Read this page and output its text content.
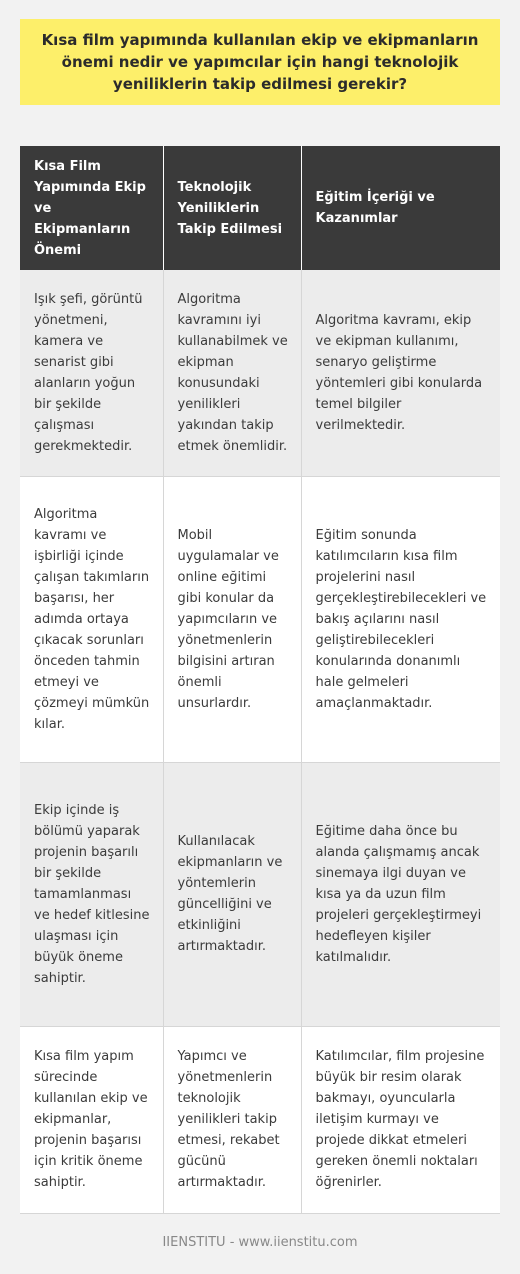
Kısa film yapımında kullanılan ekip ve ekipmanların önemi nedir ve yapımcılar için hangi teknolojik yeniliklerin takip edilmesi gerekir?
Kısa Film Yapımında Ekip ve Ekipmanların Önemi	Teknolojik Yeniliklerin Takip Edilmesi	Eğitim İçeriği ve Kazanımlar
Işık şefi, görüntü yönetmeni, kamera ve senarist gibi alanların yoğun bir şekilde çalışması gerekmektedir.	Algoritma kavramını iyi kullanabilmek ve ekipman konusundaki yenilikleri yakından takip etmek önemlidir.	Algoritma kavramı, ekip ve ekipman kullanımı, senaryo geliştirme yöntemleri gibi konularda temel bilgiler verilmektedir.
Algoritma kavramı ve işbirliği içinde çalışan takımların başarısı, her adımda ortaya çıkacak sorunları önceden tahmin etmeyi ve çözmeyi mümkün kılar.	Mobil uygulamalar ve online eğitimi gibi konular da yapımcıların ve yönetmenlerin bilgisini artıran önemli unsurlardır.	Eğitim sonunda katılımcıların kısa film projelerini nasıl gerçekleştirebilecekleri ve bakış açılarını nasıl geliştirebilecekleri konularında donanımlı hale gelmeleri amaçlanmaktadır.
Ekip içinde iş bölümü yaparak projenin başarılı bir şekilde tamamlanması ve hedef kitlesine ulaşması için büyük öneme sahiptir.	Kullanılacak ekipmanların ve yöntemlerin güncelliğini ve etkinliğini artırmaktadır.	Eğitime daha önce bu alanda çalışmamış ancak sinemaya ilgi duyan ve kısa ya da uzun film projeleri gerçekleştirmeyi hedefleyen kişiler katılmalıdır.
Kısa film yapım sürecinde kullanılan ekip ve ekipmanlar, projenin başarısı için kritik öneme sahiptir.	Yapımcı ve yönetmenlerin teknolojik yenilikleri takip etmesi, rekabet gücünü artırmaktadır.	Katılımcılar, film projesine büyük bir resim olarak bakmayı, oyuncularla iletişim kurmayı ve projede dikkat etmeleri gereken önemli noktaları öğrenirler.
IIENSTITU - www.iienstitu.com
